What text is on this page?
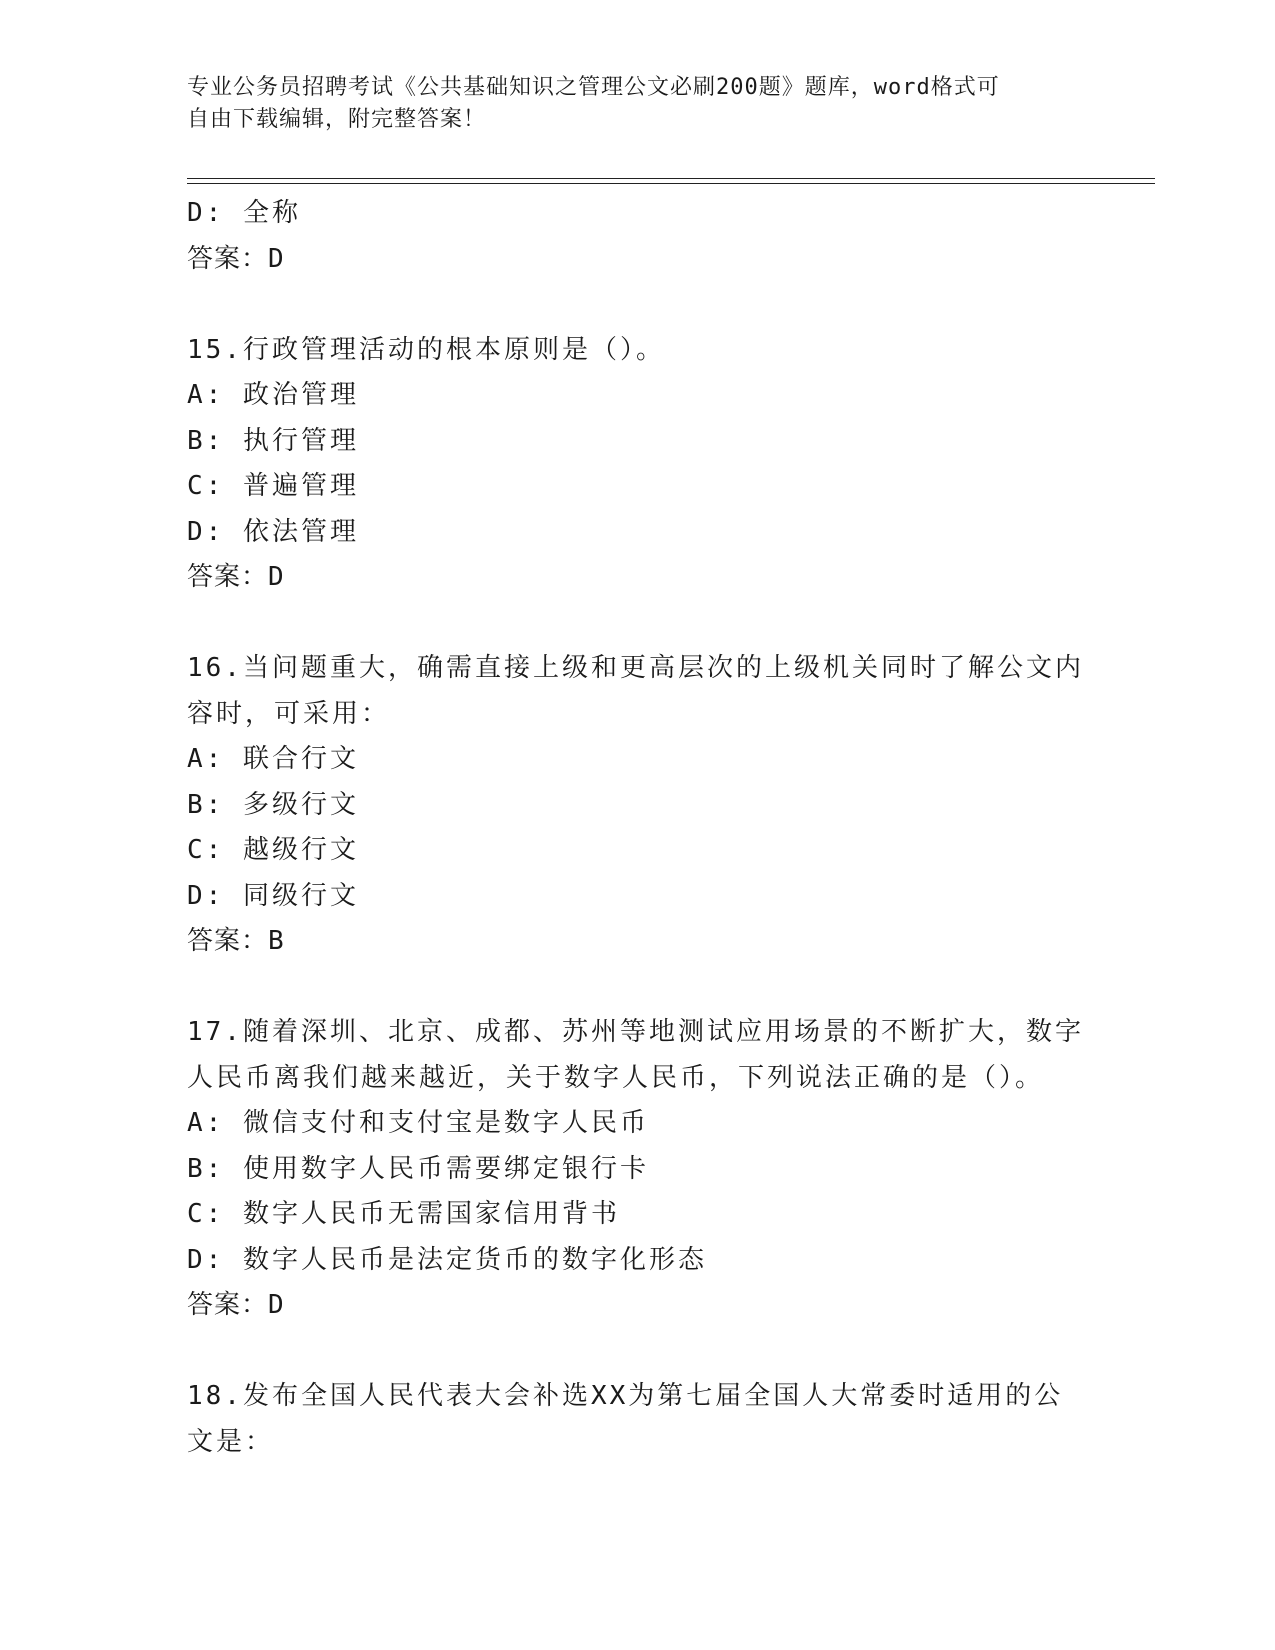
专业公务员招聘考试《公共基础知识之管理公文必刷200题》题库，word格式可
自由下载编辑，附完整答案！
D: 全称
答案：D
15.行政管理活动的根本原则是（）。
A: 政治管理
B: 执行管理
C: 普遍管理
D: 依法管理
答案：D
16.当问题重大，确需直接上级和更高层次的上级机关同时了解公文内
容时，可采用：
A: 联合行文
B: 多级行文
C: 越级行文
D: 同级行文
答案：B
17.随着深圳、北京、成都、苏州等地测试应用场景的不断扩大，数字
人民币离我们越来越近，关于数字人民币，下列说法正确的是（）。
A: 微信支付和支付宝是数字人民币
B: 使用数字人民币需要绑定银行卡
C: 数字人民币无需国家信用背书
D: 数字人民币是法定货币的数字化形态
答案：D
18.发布全国人民代表大会补选XX为第七届全国人大常委时适用的公
文是：
